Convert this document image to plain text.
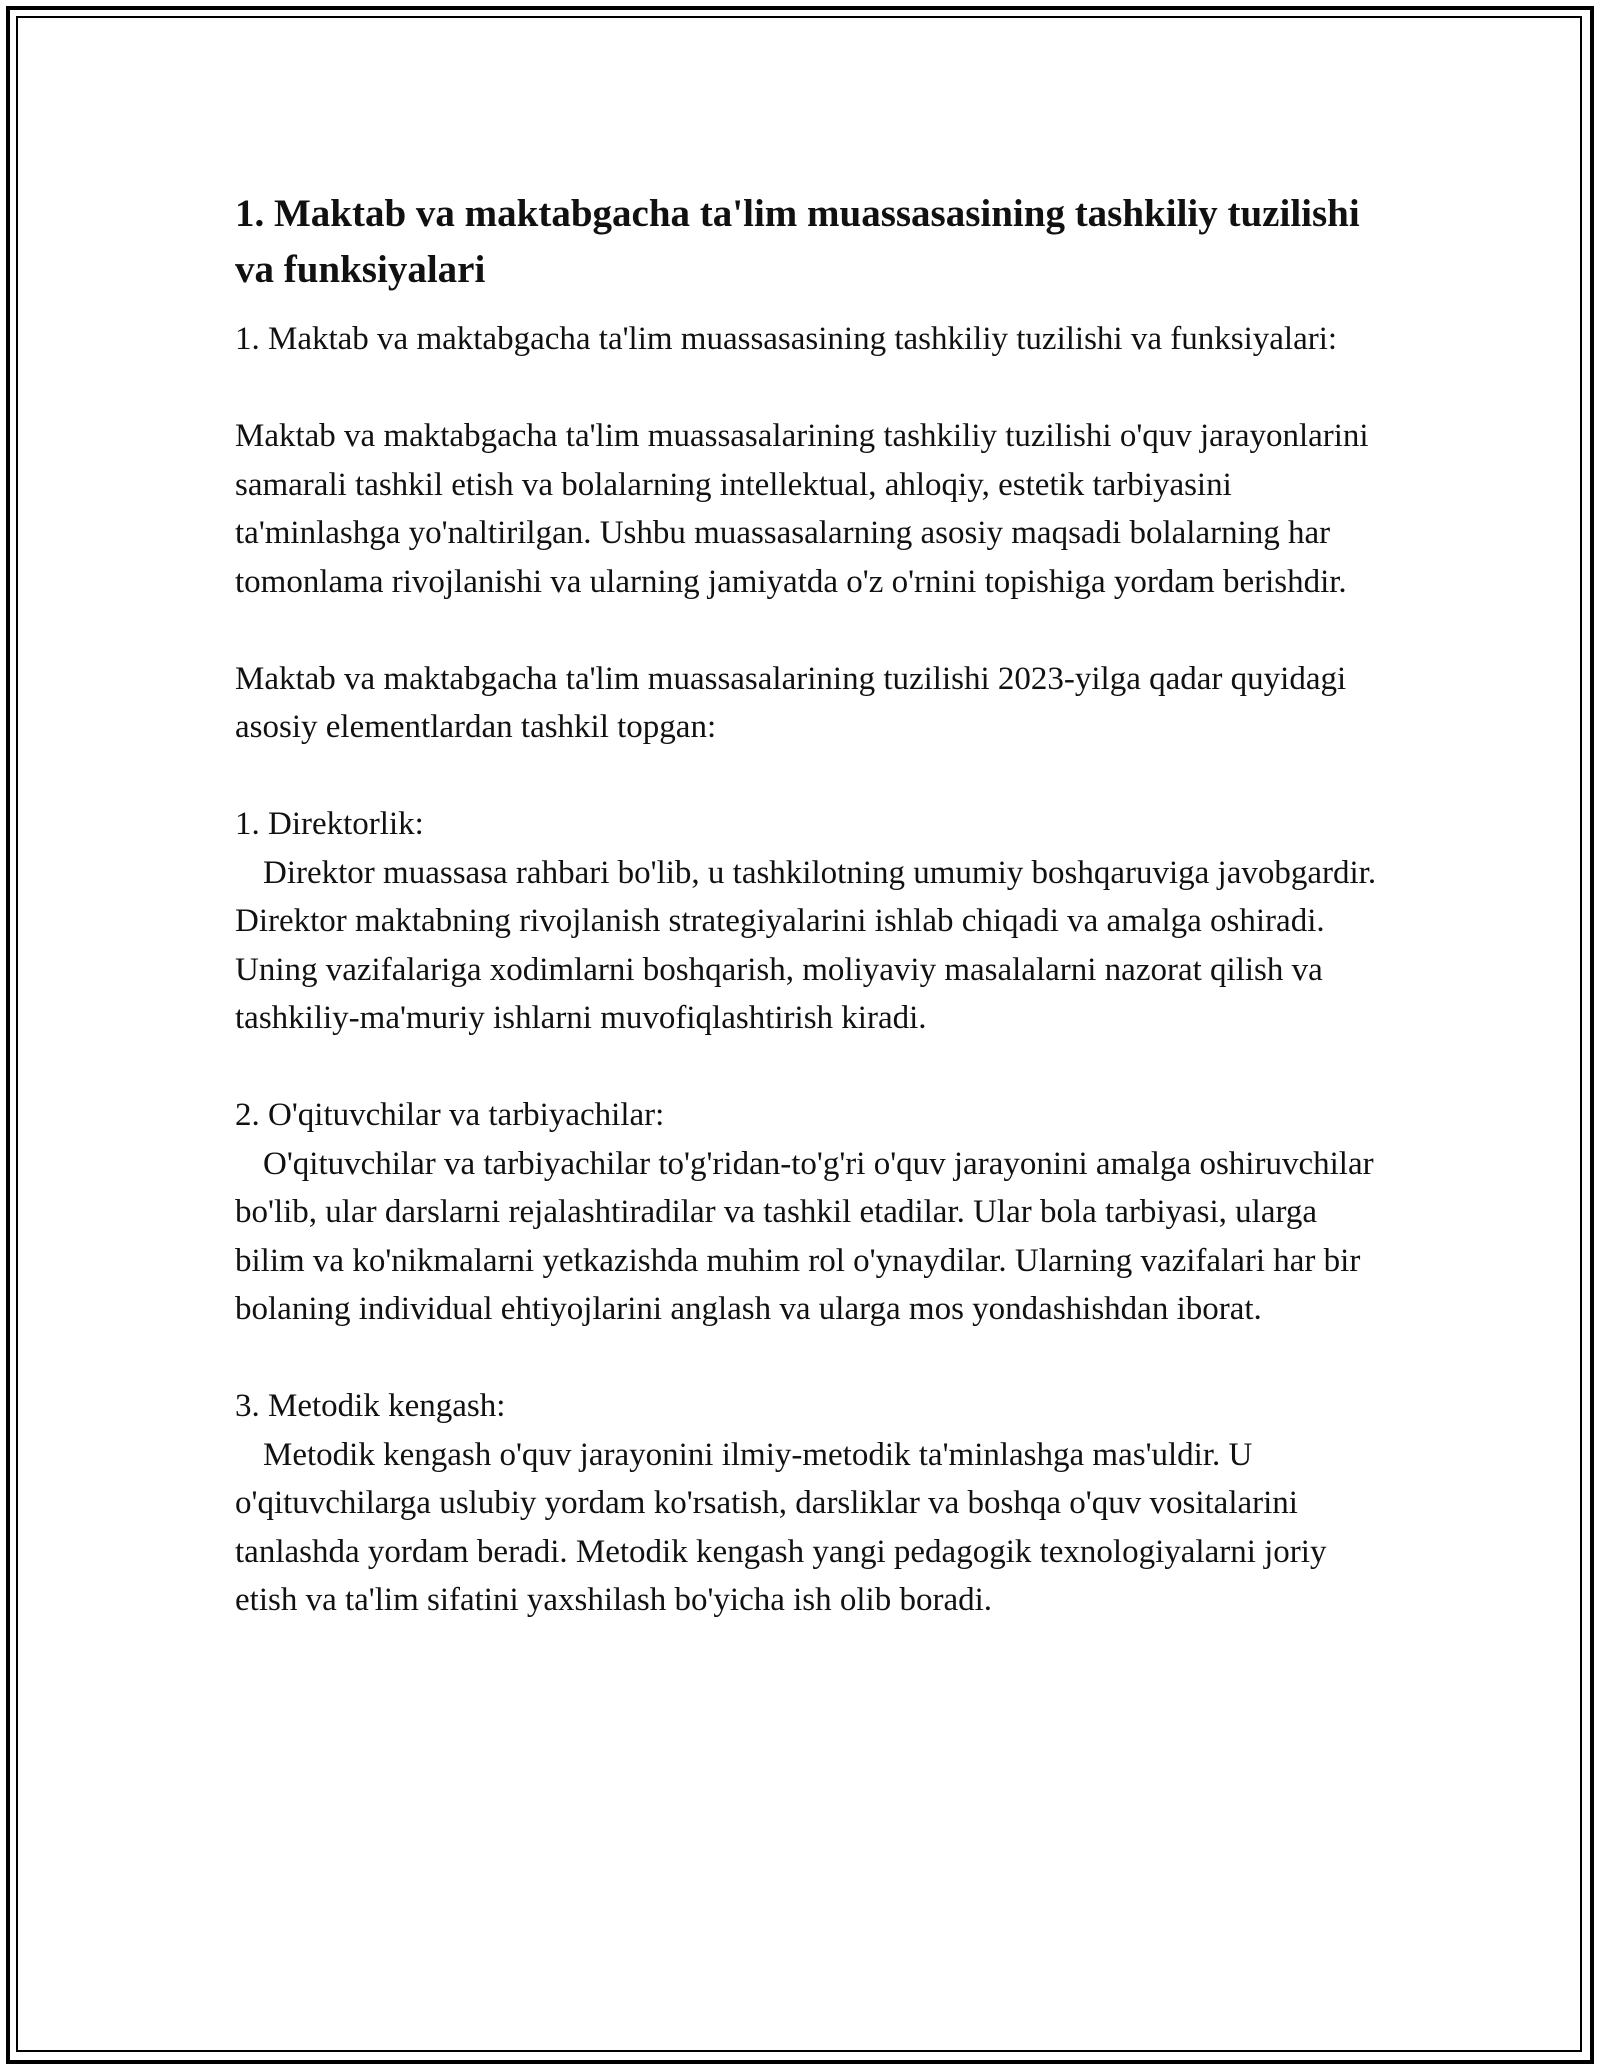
1. Maktab va maktabgacha ta'lim muassasasining tashkiliy tuzilishi va funksiyalari

1. Maktab va maktabgacha ta'lim muassasasining tashkiliy tuzilishi va funksiyalari:

Maktab va maktabgacha ta'lim muassasalarining tashkiliy tuzilishi o'quv jarayonlarini samarali tashkil etish va bolalarning intellektual, ahloqiy, estetik tarbiyasini ta'minlashga yo'naltirilgan. Ushbu muassasalarning asosiy maqsadi bolalarning har tomonlama rivojlanishi va ularning jamiyatda o'z o'rnini topishiga yordam berishdir.

Maktab va maktabgacha ta'lim muassasalarining tuzilishi 2023-yilga qadar quyidagi asosiy elementlardan tashkil topgan:

1. Direktorlik:

Direktor muassasa rahbari bo'lib, u tashkilotning umumiy boshqaruviga javobgardir. Direktor maktabning rivojlanish strategiyalarini ishlab chiqadi va amalga oshiradi. Uning vazifalariga xodimlarni boshqarish, moliyaviy masalalarni nazorat qilish va tashkiliy-ma'muriy ishlarni muvofiqlashtirish kiradi.

2. O'qituvchilar va tarbiyachilar:

O'qituvchilar va tarbiyachilar to'g'ridan-to'g'ri o'quv jarayonini amalga oshiruvchilar bo'lib, ular darslarni rejalashtiradilar va tashkil etadilar. Ular bola tarbiyasi, ularga bilim va ko'nikmalarni yetkazishda muhim rol o'ynaydilar. Ularning vazifalari har bir bolaning individual ehtiyojlarini anglash va ularga mos yondashishdan iborat.

3. Metodik kengash:

Metodik kengash o'quv jarayonini ilmiy-metodik ta'minlashga mas'uldir. U o'qituvchilarga uslubiy yordam ko'rsatish, darsliklar va boshqa o'quv vositalarini tanlashda yordam beradi. Metodik kengash yangi pedagogik texnologiyalarni joriy etish va ta'lim sifatini yaxshilash bo'yicha ish olib boradi.
